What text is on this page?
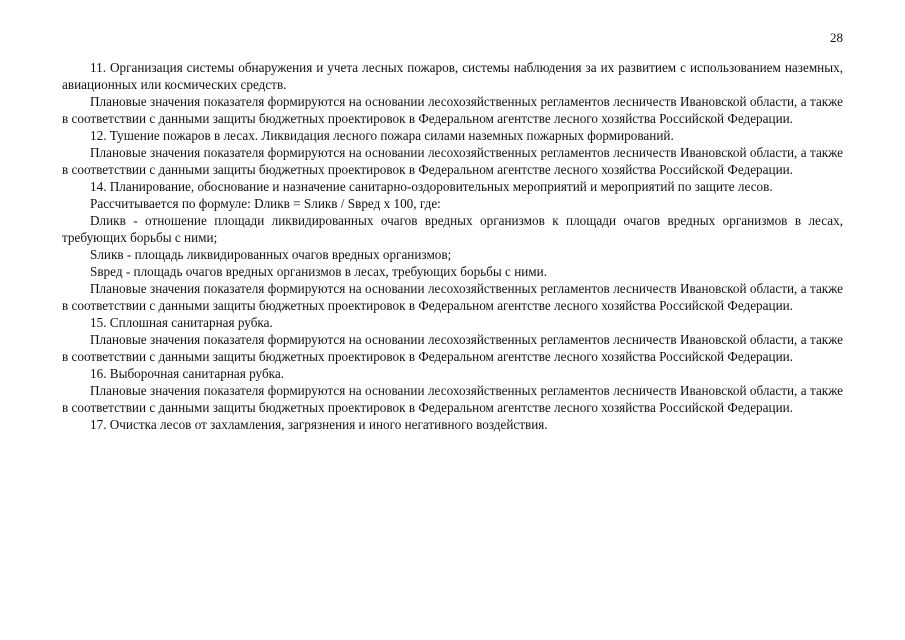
28

11. Организация системы обнаружения и учета лесных пожаров, системы наблюдения за их развитием с использованием наземных, авиационных или космических средств.

Плановые значения показателя формируются на основании лесохозяйственных регламентов лесничеств Ивановской области, а также в соответствии с данными защиты бюджетных проектировок в Федеральном агентстве лесного хозяйства Российской Федерации.

12. Тушение пожаров в лесах. Ликвидация лесного пожара силами наземных пожарных формирований.

Плановые значения показателя формируются на основании лесохозяйственных регламентов лесничеств Ивановской области, а также в соответствии с данными защиты бюджетных проектировок в Федеральном агентстве лесного хозяйства Российской Федерации.

14. Планирование, обоснование и назначение санитарно-оздоровительных мероприятий и мероприятий по защите лесов.

Рассчитывается по формуле: Dликв = Sликв / Sвред x 100, где:

Dликв - отношение площади ликвидированных очагов вредных организмов к площади очагов вредных организмов в лесах, требующих борьбы с ними;

Sликв - площадь ликвидированных очагов вредных организмов;

Sвред - площадь очагов вредных организмов в лесах, требующих борьбы с ними.

Плановые значения показателя формируются на основании лесохозяйственных регламентов лесничеств Ивановской области, а также в соответствии с данными защиты бюджетных проектировок в Федеральном агентстве лесного хозяйства Российской Федерации.

15. Сплошная санитарная рубка.

Плановые значения показателя формируются на основании лесохозяйственных регламентов лесничеств Ивановской области, а также в соответствии с данными защиты бюджетных проектировок в Федеральном агентстве лесного хозяйства Российской Федерации.

16. Выборочная санитарная рубка.

Плановые значения показателя формируются на основании лесохозяйственных регламентов лесничеств Ивановской области, а также в соответствии с данными защиты бюджетных проектировок в Федеральном агентстве лесного хозяйства Российской Федерации.

17. Очистка лесов от захламления, загрязнения и иного негативного воздействия.
